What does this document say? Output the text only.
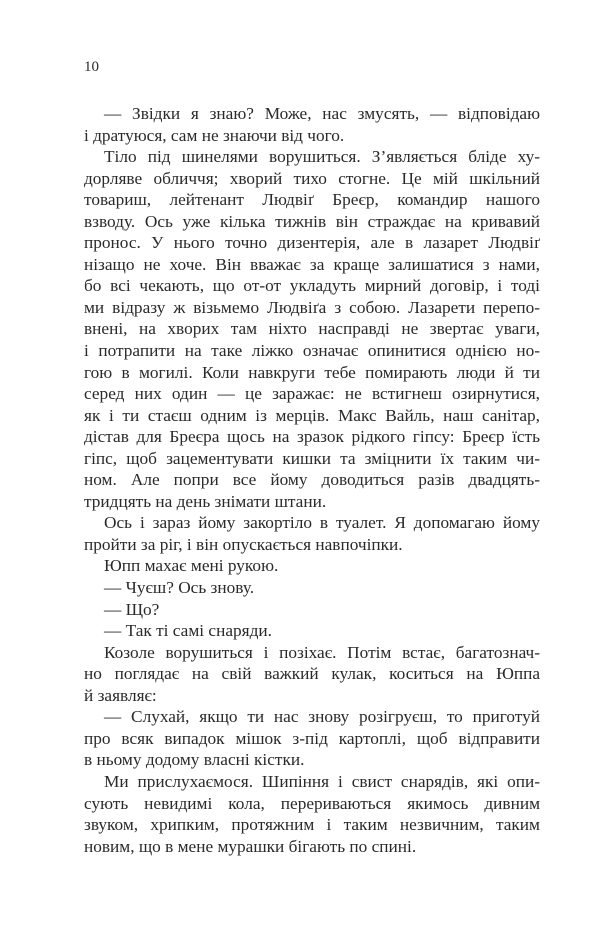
10
— Звідки я знаю? Може, нас змусять, — відповідаю
і дратуюся, сам не знаючи від чого.
Тіло під шинелями ворушиться. З’являється бліде ху-
дорляве обличчя; хворий тихо стогне. Це мій шкільний
товариш, лейтенант Людвіґ Бреєр, командир нашого
взводу. Ось уже кілька тижнів він страждає на кривавий
пронос. У нього точно дизентерія, але в лазарет Людвіґ
нізащо не хоче. Він вважає за краще залишатися з нами,
бо всі чекають, що от-от укладуть мирний договір, і тоді
ми відразу ж візьмемо Людвіґа з собою. Лазарети перепо-
внені, на хворих там ніхто насправді не звертає уваги,
і потрапити на таке ліжко означає опинитися однією но-
гою в могилі. Коли навкруги тебе помирають люди й ти
серед них один — це заражає: не встигнеш озирнутися,
як і ти стаєш одним із мерців. Макс Вайль, наш санітар,
дістав для Бреєра щось на зразок рідкого гіпсу: Бреєр їсть
гіпс, щоб зацементувати кишки та зміцнити їх таким чи-
ном. Але попри все йому доводиться разів двадцять-
тридцять на день знімати штани.
Ось і зараз йому закортіло в туалет. Я допомагаю йому
пройти за ріг, і він опускається навпочіпки.
Юпп махає мені рукою.
— Чуєш? Ось знову.
— Що?
— Так ті самі снаряди.
Козоле ворушиться і позіхає. Потім встає, багатознач-
но поглядає на свій важкий кулак, коситься на Юппа
й заявляє:
— Слухай, якщо ти нас знову розігруєш, то приготуй
про всяк випадок мішок з-під картоплі, щоб відправити
в ньому додому власні кістки.
Ми прислухаємося. Шипіння і свист снарядів, які опи-
сують невидимі кола, перериваються якимось дивним
звуком, хрипким, протяжним і таким незвичним, таким
новим, що в мене мурашки бігають по спині.
